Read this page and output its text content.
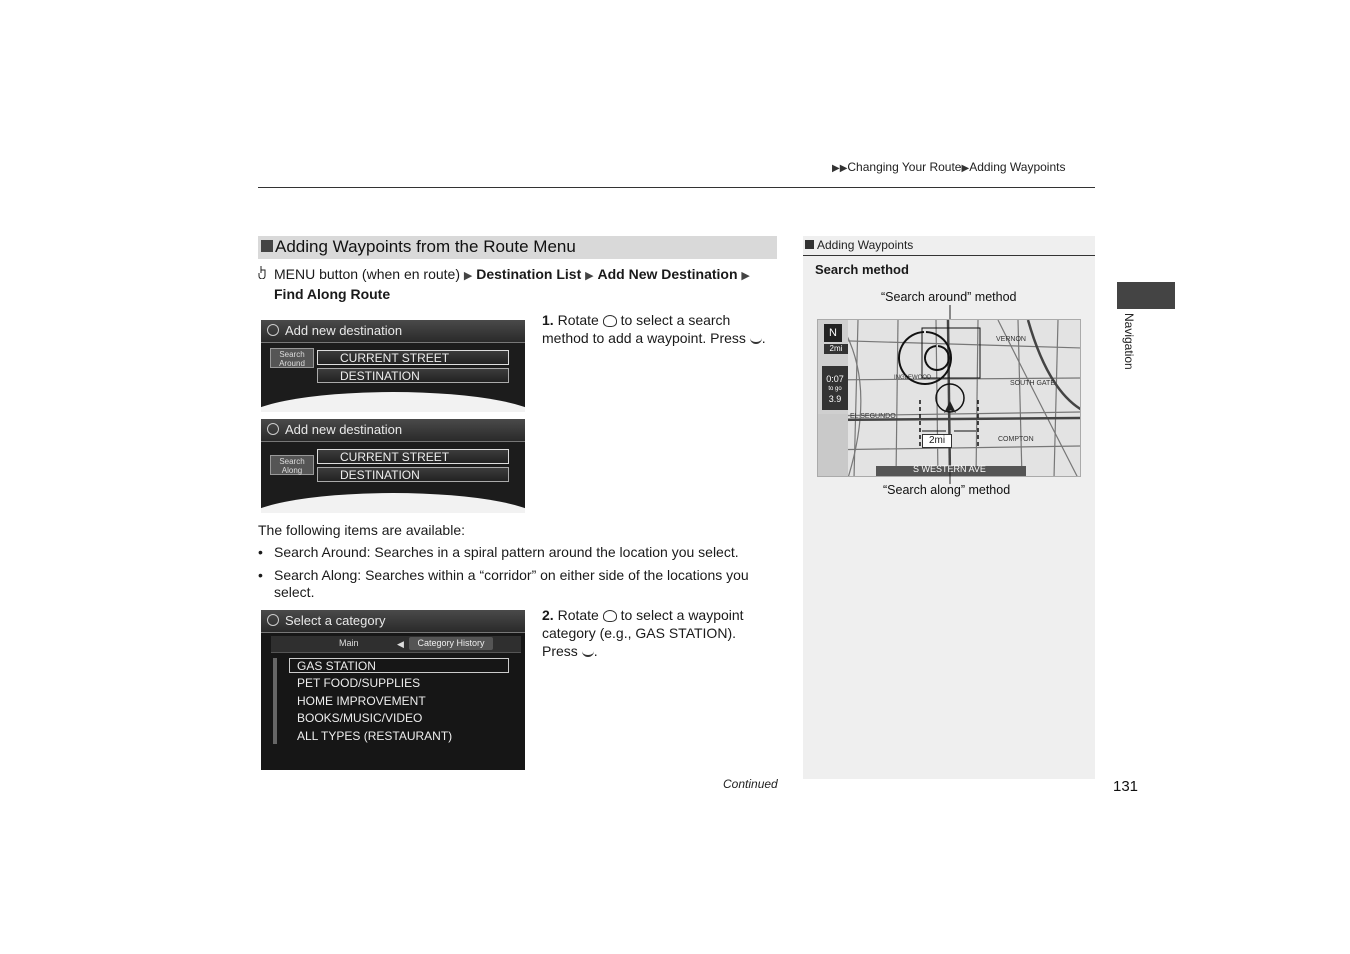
▶▶Changing Your Route▶Adding Waypoints
Adding Waypoints from the Route Menu
MENU button (when en route) ▶ Destination List ▶ Add New Destination ▶
Find Along Route
Add new destination
Search
Around	CURRENT STREET
DESTINATION
Add new destination
Search
Along
CURRENT STREET
DESTINATION
1. Rotate to select a search method to add a waypoint. Press .
The following items are available:
• Search Around: Searches in a spiral pattern around the location you select.
• Search Along: Searches within a “corridor” on either side of the locations you select.
Select a category
Main	◀	Category History
GAS STATION
PET FOOD/SUPPLIES
HOME IMPROVEMENT
BOOKS/MUSIC/VIDEO
ALL TYPES (RESTAURANT)
2. Rotate to select a waypoint category (e.g., GAS STATION). Press .
Continued
Adding Waypoints
Search method
“Search around” method
N
2mi
0:07
to go
3.9
VERNON
INGLEWOOD
SOUTH GATE
EL SEGUNDO
COMPTON
2mi
S WESTERN AVE
“Search along” method
Navigation
131
